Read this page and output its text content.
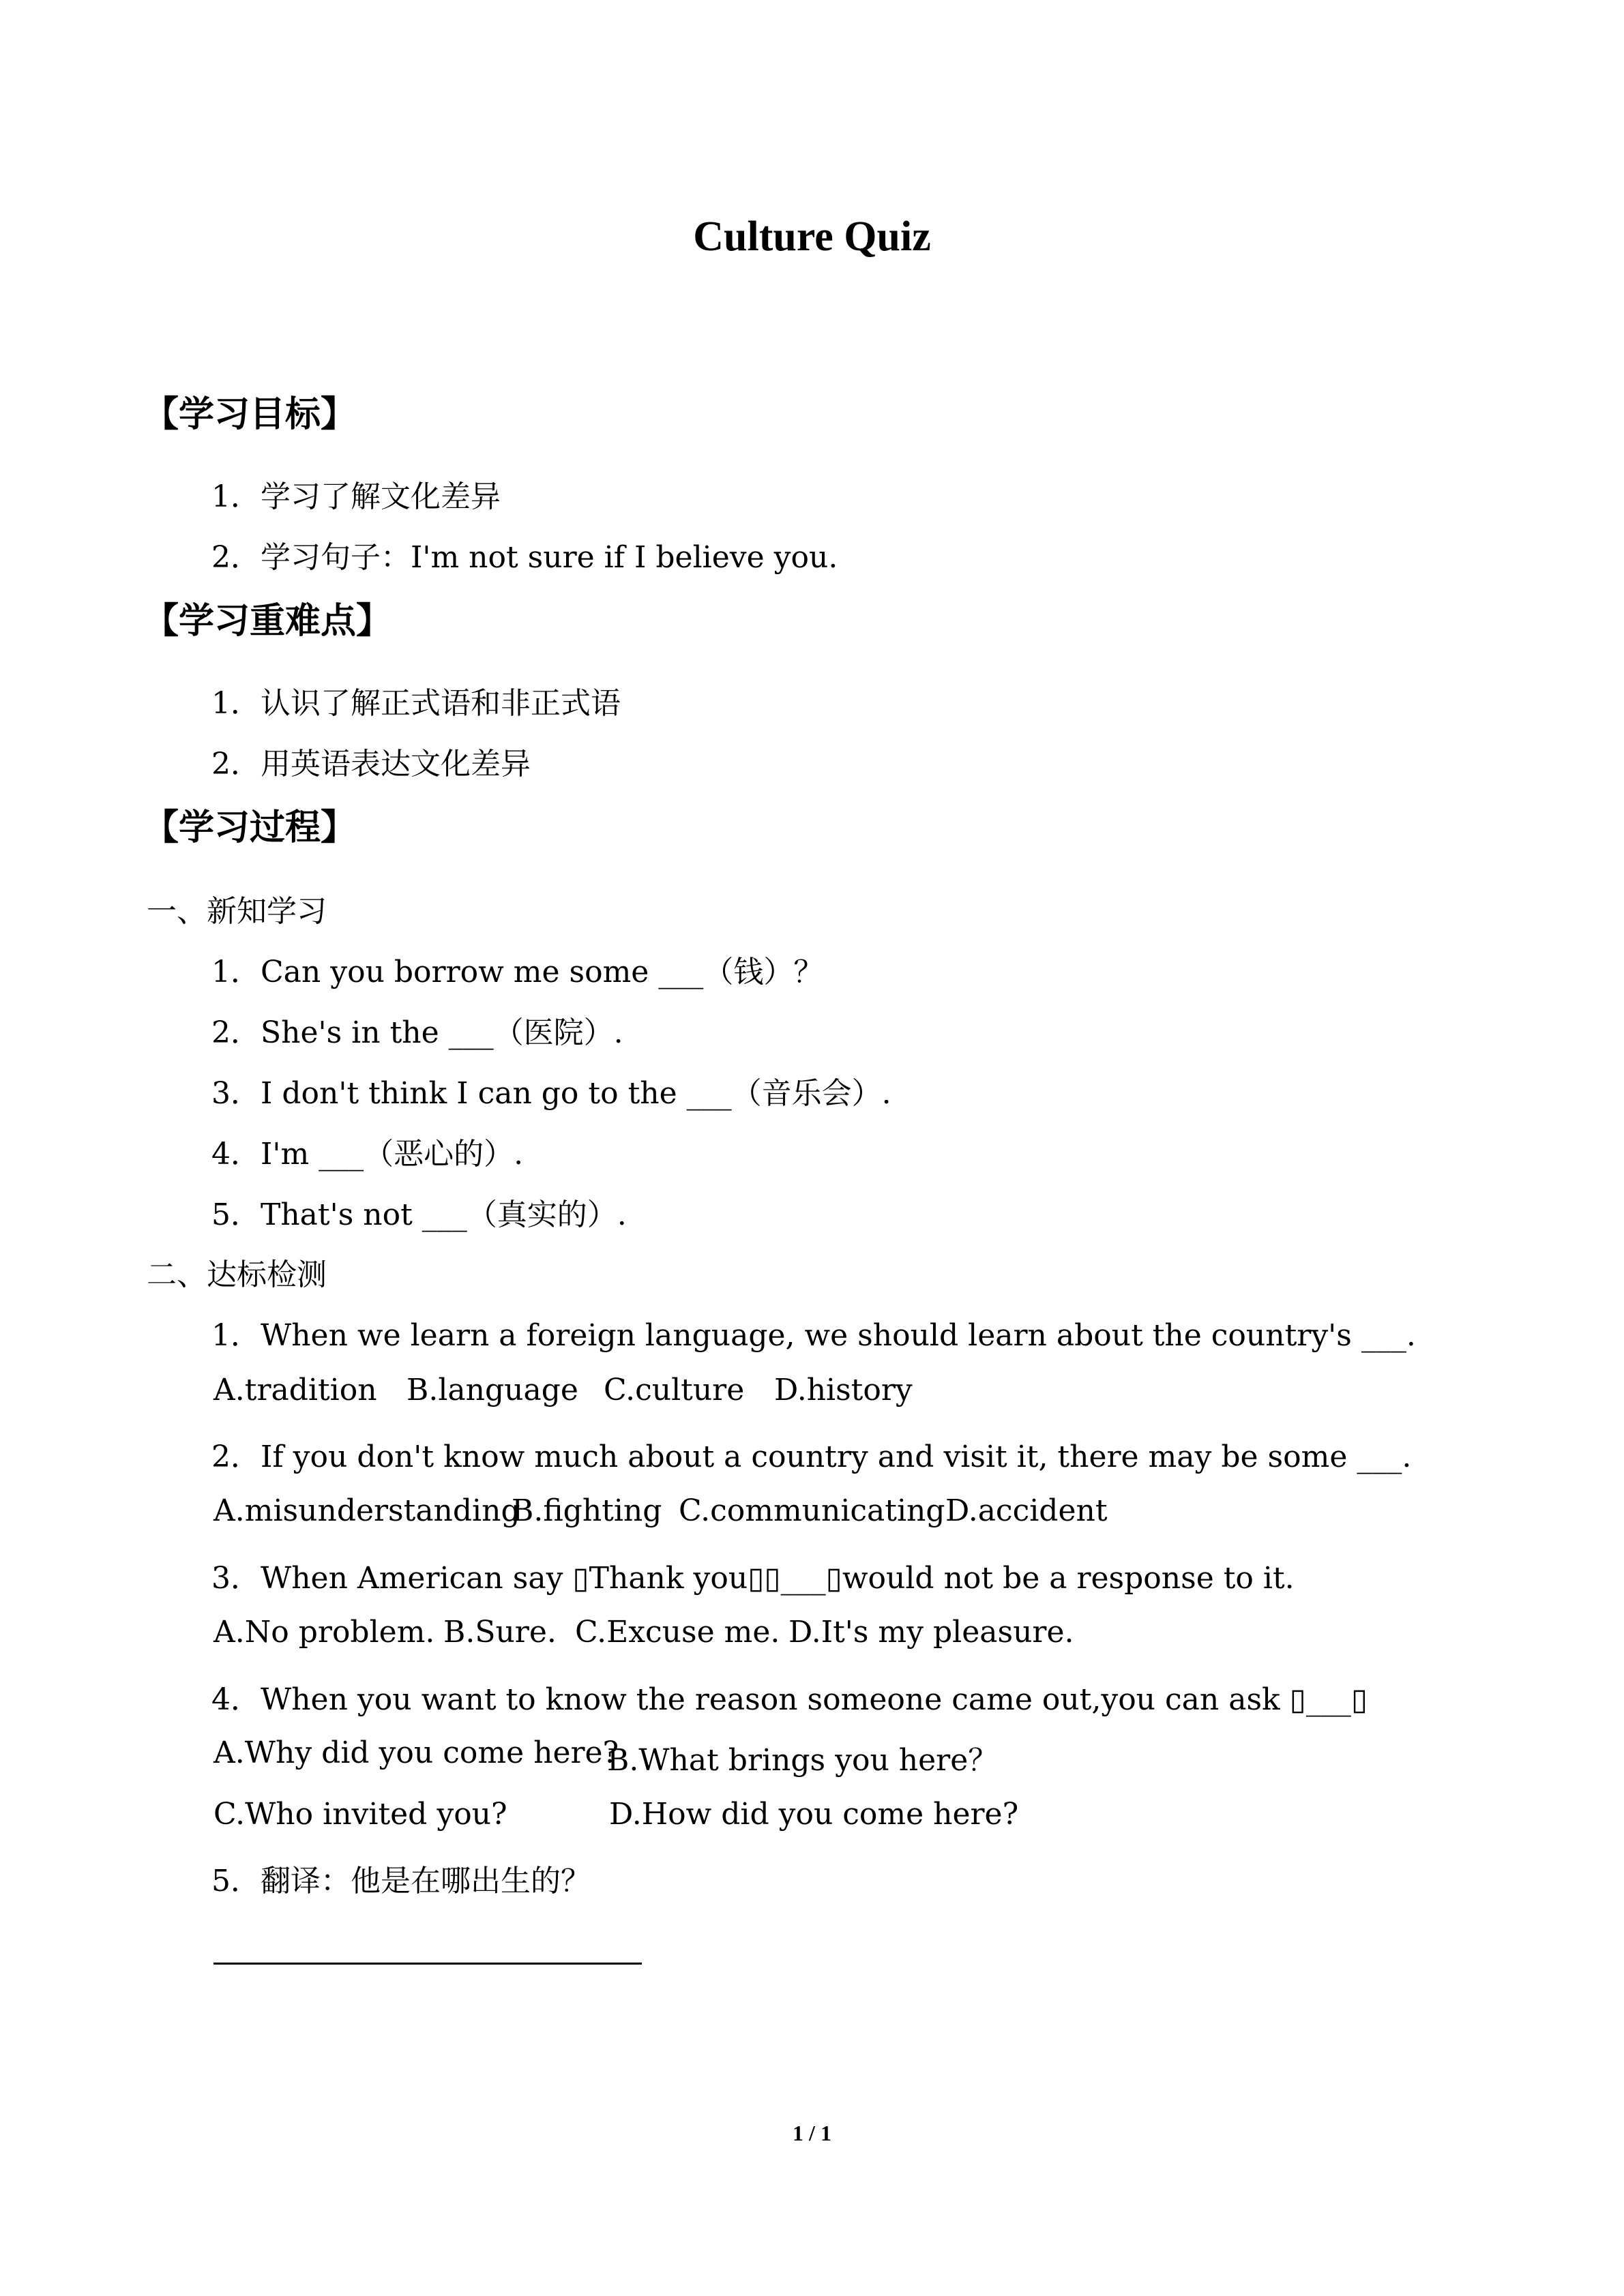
Culture Quiz
【学习目标】
1．学习了解文化差异
2．学习句子：I'm not sure if I believe you.
【学习重难点】
1．认识了解正式语和非正式语
2．用英语表达文化差异
【学习过程】
一、新知学习
1．Can you borrow me some ___（钱）？
2．She's in the ___（医院）.
3．I don't think I can go to the ___（音乐会）.
4．I'm ___（恶心的）.
5．That's not ___（真实的）.
二、达标检测
1．When we learn a foreign language, we should learn about the country's ___.
A.tradition B.language C.culture D.history
2．If you don't know much about a country and visit it, there may be some ___.
A.misunderstanding
B.fighting C.communicating D.accident
3．When American say ▯Thank you▯▯___▯would not be a response to it.
A.No problem. B.Sure. C.Excuse me. D.It's my pleasure.
4．When you want to know the reason someone came out,you can ask ▯___▯
A.Why did you come here?
B.What brings you here？
C.Who invited you?	D.How did you come here?
5．翻译：他是在哪出生的？
1 / 1
